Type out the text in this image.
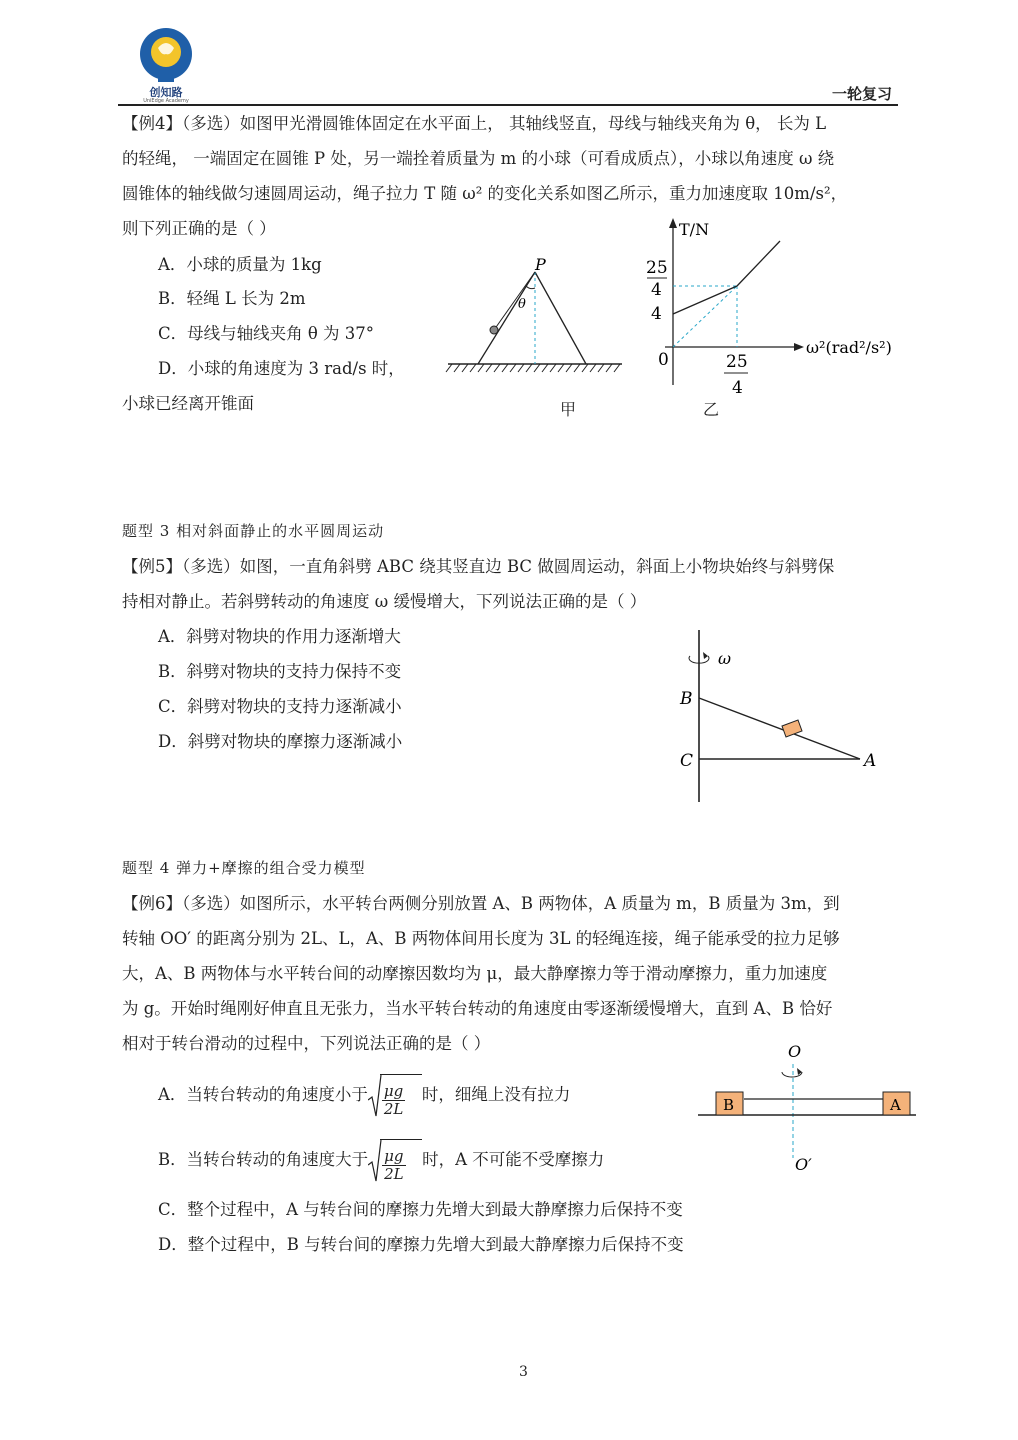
创知路
UniEdge Academy	一轮复习
【例4】（多选）如图甲光滑圆锥体固定在水平面上， 其轴线竖直，母线与轴线夹角为 θ， 长为 L
的轻绳， 一端固定在圆锥 P 处，另一端拴着质量为 m 的小球（可看成质点），小球以角速度 ω 绕
圆锥体的轴线做匀速圆周运动，绳子拉力 T 随 ω² 的变化关系如图乙所示，重力加速度取 10m/s²，
则下列正确的是（ ）
A．小球的质量为 1kg
B．轻绳 L 长为 2m
C．母线与轴线夹角 θ 为 37°
D．小球的角速度为 3 rad/s 时，
小球已经离开锥面
P
θ
甲
T/N
25
4
4
0	25
4
ω²(rad²/s²)
乙
题型 3 相对斜面静止的水平圆周运动
【例5】（多选）如图，一直角斜劈 ABC 绕其竖直边 BC 做圆周运动，斜面上小物块始终与斜劈保
持相对静止。若斜劈转动的角速度 ω 缓慢增大，下列说法正确的是（ ）
A．斜劈对物块的作用力逐渐增大
B．斜劈对物块的支持力保持不变
C．斜劈对物块的支持力逐渐减小
D．斜劈对物块的摩擦力逐渐减小
ω
B
C	A
题型 4 弹力+摩擦的组合受力模型
【例6】（多选）如图所示，水平转台两侧分别放置 A、B 两物体，A 质量为 m，B 质量为 3m，到
转轴 OO′ 的距离分别为 2L、L，A、B 两物体间用长度为 3L 的轻绳连接，绳子能承受的拉力足够
大，A、B 两物体与水平转台间的动摩擦因数均为 μ，最大静摩擦力等于滑动摩擦力，重力加速度
为 g。开始时绳刚好伸直且无张力，当水平转台转动的角速度由零逐渐缓慢增大，直到 A、B 恰好
相对于转台滑动的过程中，下列说法正确的是（ ）
A．当转台转动的角速度小于 $\frac{\mu g}{2L}$ 时，细绳上没有拉力
B．当转台转动的角速度大于 $\frac{\mu g}{2L}$ 时，A 不可能不受摩擦力
C．整个过程中，A 与转台间的摩擦力先增大到最大静摩擦力后保持不变
D．整个过程中，B 与转台间的摩擦力先增大到最大静摩擦力后保持不变
O
B	A
O′
3
